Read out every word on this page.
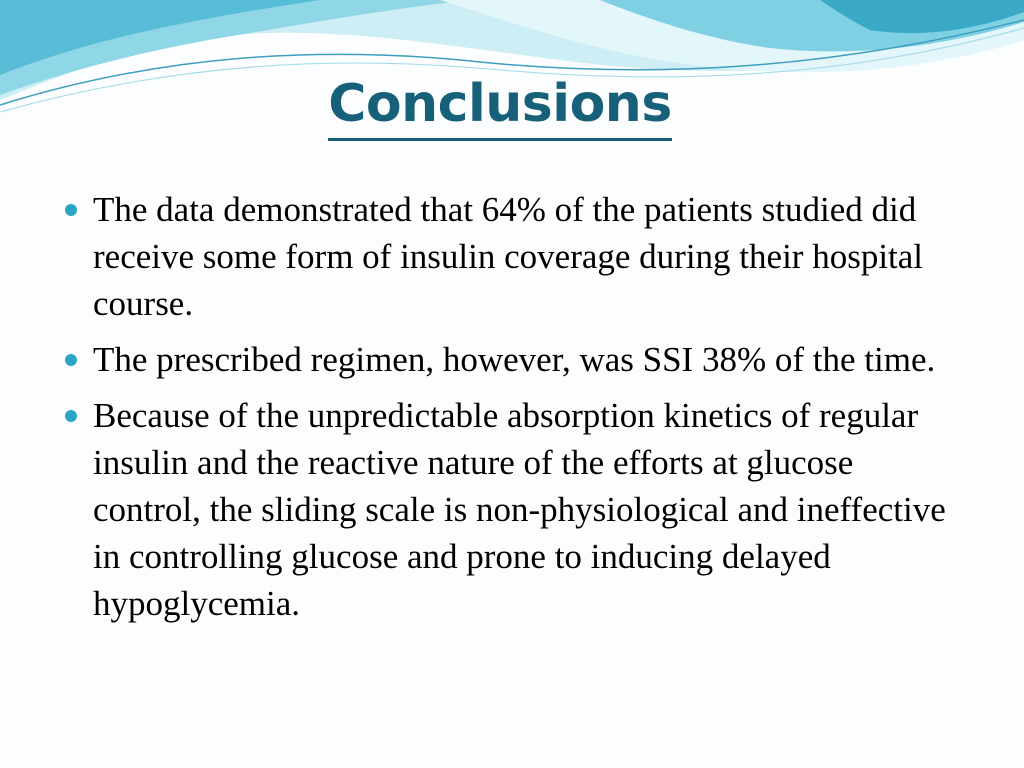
Conclusions
The data demonstrated that 64% of the patients studied did receive some form of insulin coverage during their hospital course.
The prescribed regimen, however, was SSI 38% of the time.
Because of the unpredictable absorption kinetics of regular insulin and the reactive nature of the efforts at glucose control, the sliding scale is non-physiological and ineffective in controlling glucose and prone to inducing delayed hypoglycemia.
